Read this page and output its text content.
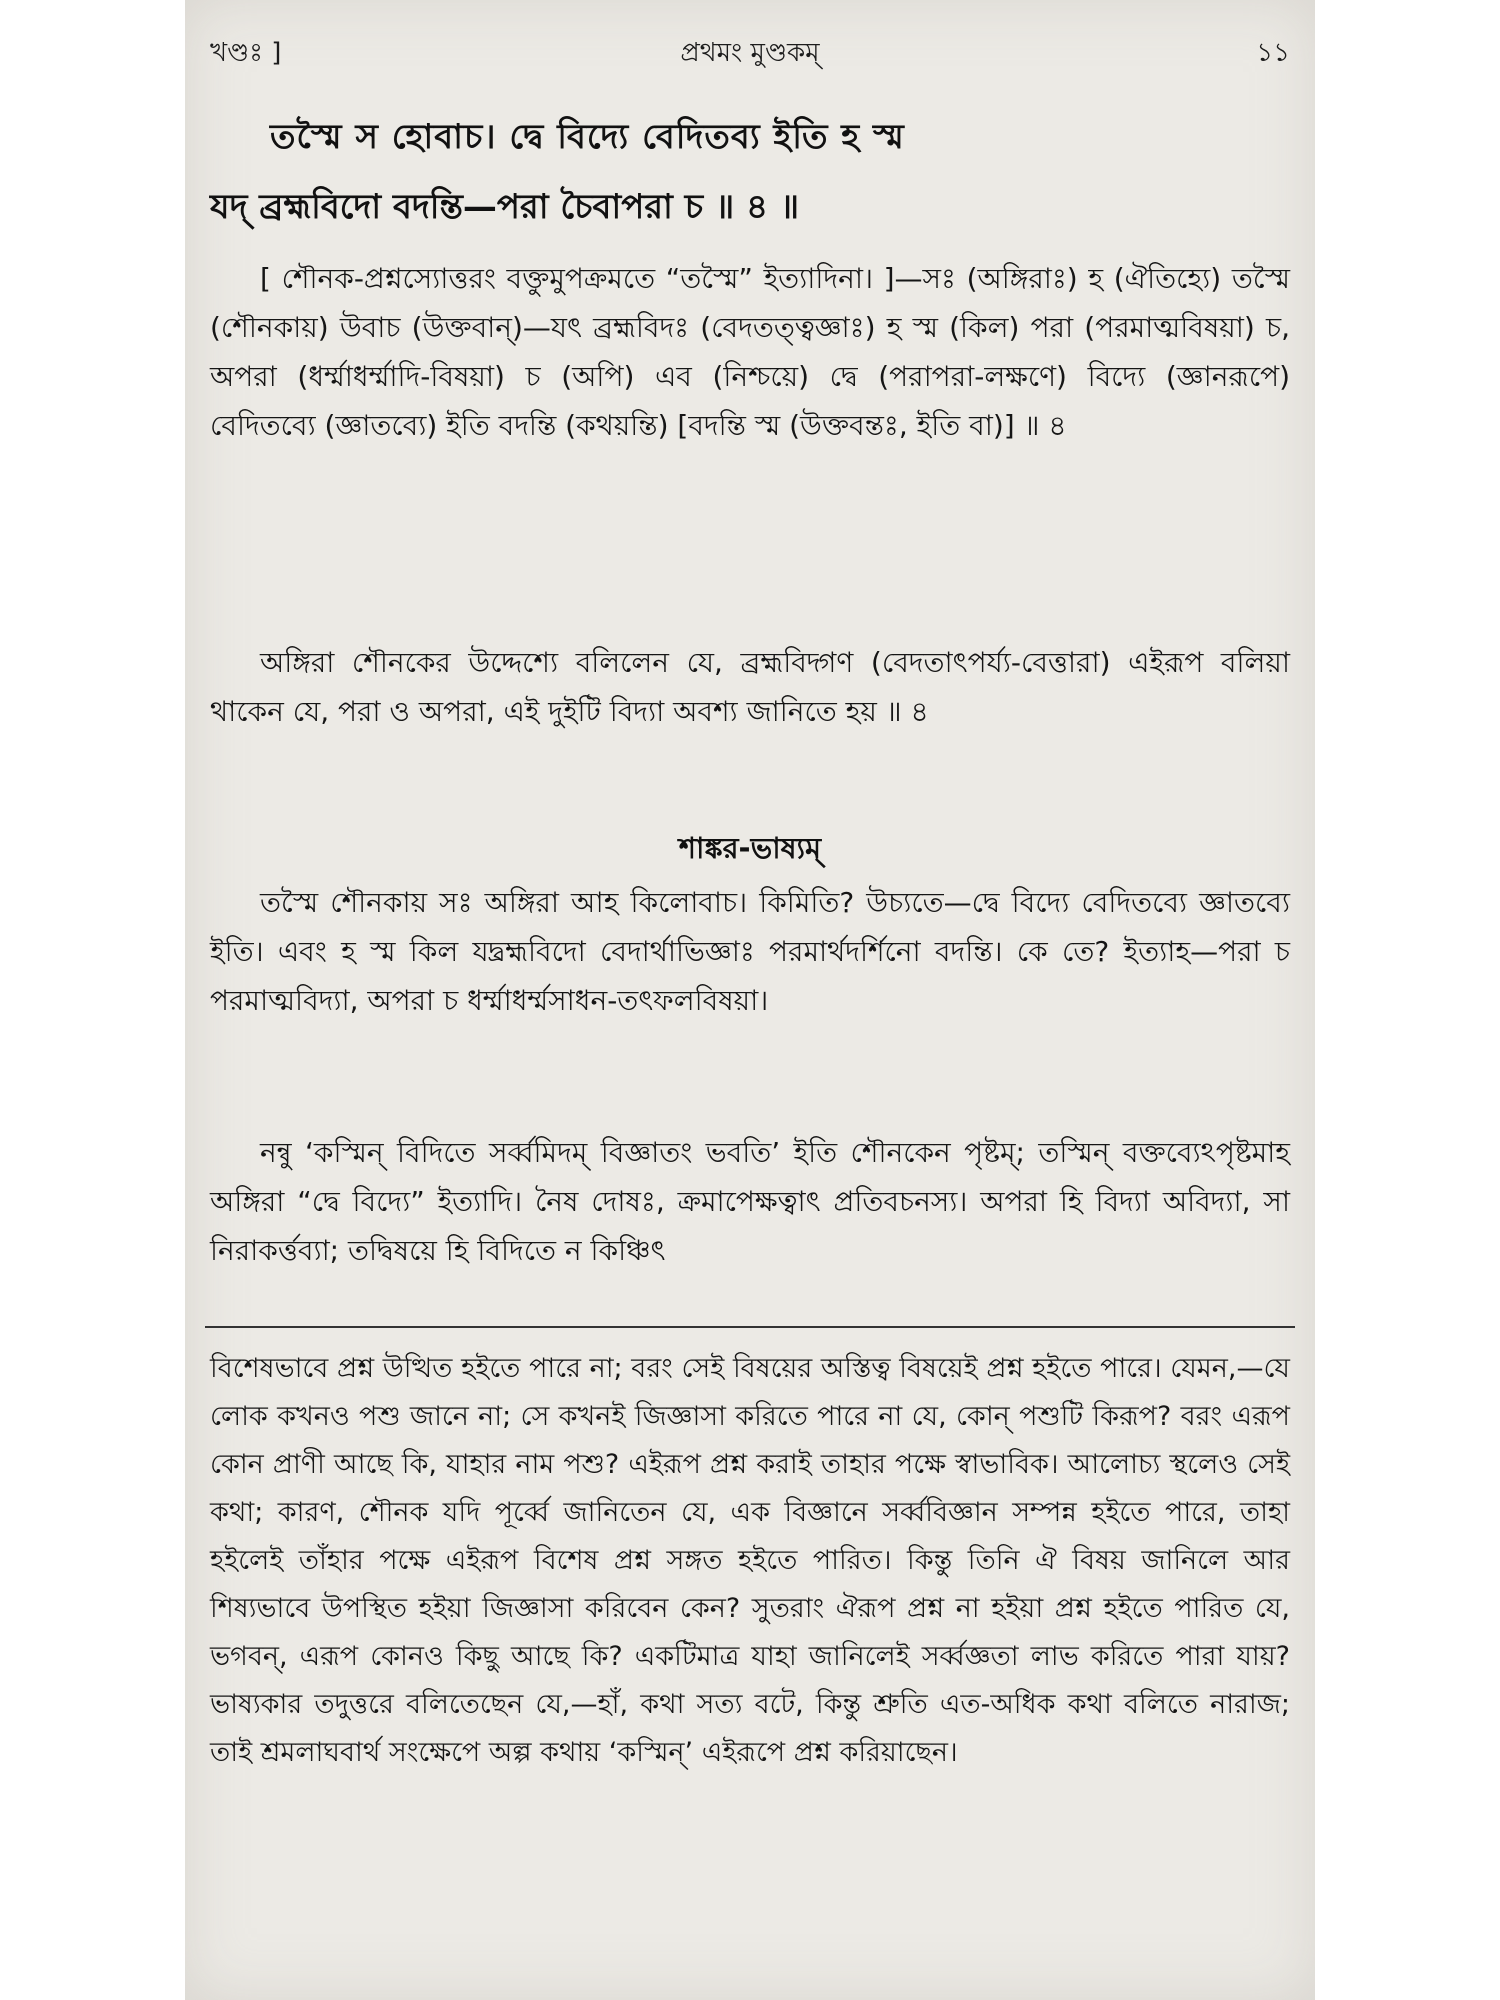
খণ্ডঃ ]	প্রথমং মুণ্ডকম্	১১
তস্মৈ স হোবাচ। দ্বে বিদ্যে বেদিতব্য ইতি হ স্ম
যদ্ ব্রহ্মবিদো বদন্তি—পরা চৈবাপরা চ ॥ ৪ ॥
[ শৌনক-প্রশ্নস্যোত্তরং বক্তুমুপক্রমতে “তস্মৈ” ইত্যাদিনা। ]—সঃ (অঙ্গিরাঃ) হ (ঐতিহ্যে) তস্মৈ (শৌনকায়) উবাচ (উক্তবান্)—যৎ ব্রহ্মবিদঃ (বেদতত্ত্বজ্ঞাঃ) হ স্ম (কিল) পরা (পরমাত্মবিষয়া) চ, অপরা (ধর্ম্মাধর্ম্মাদি-বিষয়া) চ (অপি) এব (নিশ্চয়ে) দ্বে (পরাপরা-লক্ষণে) বিদ্যে (জ্ঞানরূপে) বেদিতব্যে (জ্ঞাতব্যে) ইতি বদন্তি (কথয়ন্তি) [বদন্তি স্ম (উক্তবন্তঃ, ইতি বা)] ॥ ৪
অঙ্গিরা শৌনকের উদ্দেশ্যে বলিলেন যে, ব্রহ্মবিদ্গণ (বেদতাৎপর্য্য-বেত্তারা) এইরূপ বলিয়া থাকেন যে, পরা ও অপরা, এই দুইটি বিদ্যা অবশ্য জানিতে হয় ॥ ৪
শাঙ্কর-ভাষ্যম্
তস্মৈ শৌনকায় সঃ অঙ্গিরা আহ কিলোবাচ। কিমিতি? উচ্যতে—দ্বে বিদ্যে বেদিতব্যে জ্ঞাতব্যে ইতি। এবং হ স্ম কিল যদ্ব্রহ্মবিদো বেদার্থাভিজ্ঞাঃ পরমার্থদর্শিনো বদন্তি। কে তে? ইত্যাহ—পরা চ পরমাত্মবিদ্যা, অপরা চ ধর্ম্মাধর্ম্মসাধন-তৎফলবিষয়া।
নন্বু ‘কস্মিন্ বিদিতে সর্ব্বমিদম্ বিজ্ঞাতং ভবতি’ ইতি শৌনকেন পৃষ্টম্; তস্মিন্ বক্তব্যেঽপৃষ্টমাহ অঙ্গিরা “দ্বে বিদ্যে” ইত্যাদি। নৈষ দোষঃ, ক্রমাপেক্ষত্বাৎ প্রতিবচনস্য। অপরা হি বিদ্যা অবিদ্যা, সা নিরাকর্ত্তব্যা; তদ্বিষয়ে হি বিদিতে ন কিঞ্চিৎ
বিশেষভাবে প্রশ্ন উত্থিত হইতে পারে না; বরং সেই বিষয়ের অস্তিত্ব বিষয়েই প্রশ্ন হইতে পারে। যেমন,—যে লোক কখনও পশু জানে না; সে কখনই জিজ্ঞাসা করিতে পারে না যে, কোন্ পশুটি কিরূপ? বরং এরূপ কোন প্রাণী আছে কি, যাহার নাম পশু? এইরূপ প্রশ্ন করাই তাহার পক্ষে স্বাভাবিক। আলোচ্য স্থলেও সেই কথা; কারণ, শৌনক যদি পূর্ব্বে জানিতেন যে, এক বিজ্ঞানে সর্ব্ববিজ্ঞান সম্পন্ন হইতে পারে, তাহা হইলেই তাঁহার পক্ষে এইরূপ বিশেষ প্রশ্ন সঙ্গত হইতে পারিত। কিন্তু তিনি ঐ বিষয় জানিলে আর শিষ্যভাবে উপস্থিত হইয়া জিজ্ঞাসা করিবেন কেন? সুতরাং ঐরূপ প্রশ্ন না হইয়া প্রশ্ন হইতে পারিত যে, ভগবন্, এরূপ কোনও কিছু আছে কি? একটিমাত্র যাহা জানিলেই সর্ব্বজ্ঞতা লাভ করিতে পারা যায়? ভাষ্যকার তদুত্তরে বলিতেছেন যে,—হাঁ, কথা সত্য বটে, কিন্তু শ্রুতি এত-অধিক কথা বলিতে নারাজ; তাই শ্রমলাঘবার্থ সংক্ষেপে অল্প কথায় ‘কস্মিন্’ এইরূপে প্রশ্ন করিয়াছেন।
